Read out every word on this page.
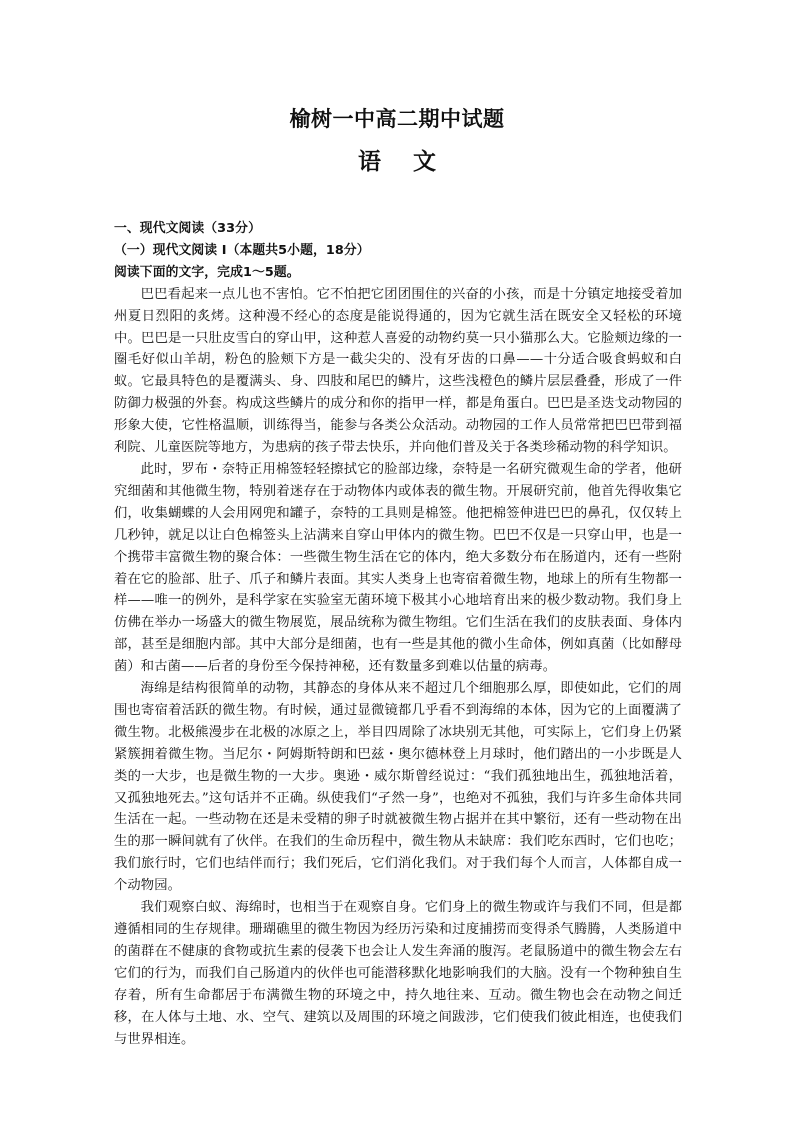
榆树一中高二期中试题
语 文

一、现代文阅读（33分）

（一）现代文阅读 I（本题共5小题，18分）

阅读下面的文字，完成1～5题。

巴巴看起来一点儿也不害怕。它不怕把它团团围住的兴奋的小孩，而是十分镇定地接受着加州夏日烈阳的炙烤。这种漫不经心的态度是能说得通的，因为它就生活在既安全又轻松的环境中。巴巴是一只肚皮雪白的穿山甲，这种惹人喜爱的动物约莫一只小猫那么大。它脸颊边缘的一圈毛好似山羊胡，粉色的脸颊下方是一截尖尖的、没有牙齿的口鼻——十分适合吸食蚂蚁和白蚁。它最具特色的是覆满头、身、四肢和尾巴的鳞片，这些浅橙色的鳞片层层叠叠，形成了一件防御力极强的外套。构成这些鳞片的成分和你的指甲一样，都是角蛋白。巴巴是圣迭戈动物园的形象大使，它性格温顺，训练得当，能参与各类公众活动。动物园的工作人员常常把巴巴带到福利院、儿童医院等地方，为患病的孩子带去快乐，并向他们普及关于各类珍稀动物的科学知识。

此时，罗布・奈特正用棉签轻轻擦拭它的脸部边缘，奈特是一名研究微观生命的学者，他研究细菌和其他微生物，特别着迷存在于动物体内或体表的微生物。开展研究前，他首先得收集它们，收集蝴蝶的人会用网兜和罐子，奈特的工具则是棉签。他把棉签伸进巴巴的鼻孔，仅仅转上几秒钟，就足以让白色棉签头上沾满来自穿山甲体内的微生物。巴巴不仅是一只穿山甲，也是一个携带丰富微生物的聚合体：一些微生物生活在它的体内，绝大多数分布在肠道内，还有一些附着在它的脸部、肚子、爪子和鳞片表面。其实人类身上也寄宿着微生物，地球上的所有生物都一样——唯一的例外，是科学家在实验室无菌环境下极其小心地培育出来的极少数动物。我们身上仿佛在举办一场盛大的微生物展览，展品统称为微生物组。它们生活在我们的皮肤表面、身体内部，甚至是细胞内部。其中大部分是细菌，也有一些是其他的微小生命体，例如真菌（比如酵母菌）和古菌——后者的身份至今保持神秘，还有数量多到难以估量的病毒。

海绵是结构很简单的动物，其静态的身体从来不超过几个细胞那么厚，即使如此，它们的周围也寄宿着活跃的微生物。有时候，通过显微镜都几乎看不到海绵的本体，因为它的上面覆满了微生物。北极熊漫步在北极的冰原之上，举目四周除了冰块别无其他，可实际上，它们身上仍紧紧簇拥着微生物。当尼尔・阿姆斯特朗和巴兹・奥尔德林登上月球时，他们踏出的一小步既是人类的一大步，也是微生物的一大步。奥逊・威尔斯曾经说过：“我们孤独地出生，孤独地活着，又孤独地死去。”这句话并不正确。纵使我们“孑然一身”，也绝对不孤独，我们与许多生命体共同生活在一起。一些动物在还是未受精的卵子时就被微生物占据并在其中繁衍，还有一些动物在出生的那一瞬间就有了伙伴。在我们的生命历程中，微生物从未缺席：我们吃东西时，它们也吃；我们旅行时，它们也结伴而行；我们死后，它们消化我们。对于我们每个人而言，人体都自成一个动物园。

我们观察白蚁、海绵时，也相当于在观察自身。它们身上的微生物或许与我们不同，但是都遵循相同的生存规律。珊瑚礁里的微生物因为经历污染和过度捕捞而变得杀气腾腾，人类肠道中的菌群在不健康的食物或抗生素的侵袭下也会让人发生奔涌的腹泻。老鼠肠道中的微生物会左右它们的行为，而我们自己肠道内的伙伴也可能潜移默化地影响我们的大脑。没有一个物种独自生存着，所有生命都居于布满微生物的环境之中，持久地往来、互动。微生物也会在动物之间迁移，在人体与土地、水、空气、建筑以及周围的环境之间跋涉，它们使我们彼此相连，也使我们与世界相连。
